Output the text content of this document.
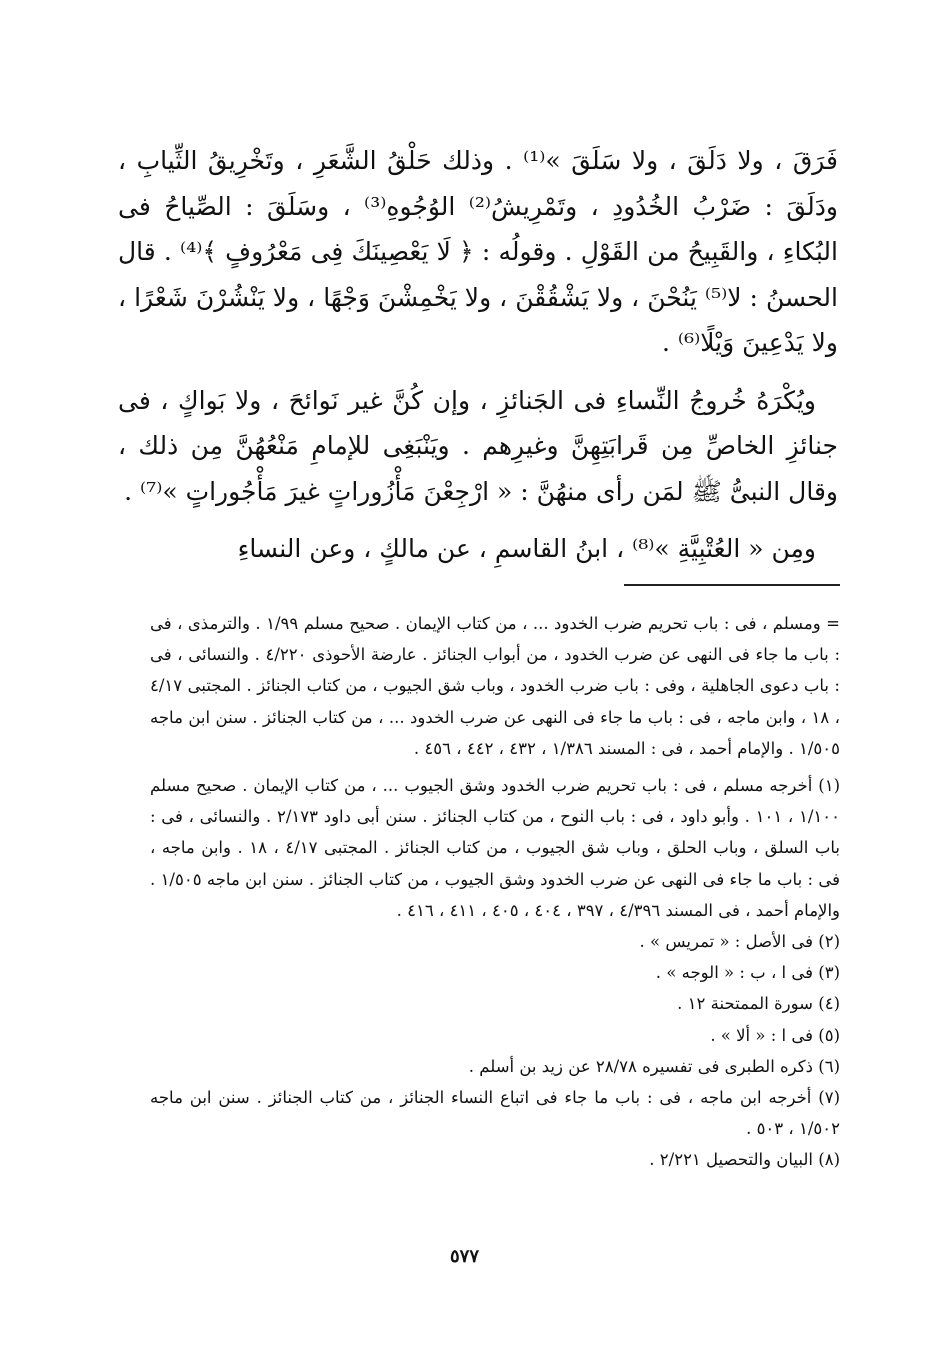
فَرَقَ ، ولا دَلَقَ ، ولا سَلَقَ »⁽¹⁾ . وذلك حَلْقُ الشَّعَرِ ، وتَخْرِيقُ الثِّيابِ ، ودَلَقَ : ضَرْبُ الخُدُودِ ، وتَمْرِيشُ⁽²⁾ الوُجُوهِ⁽³⁾ ، وسَلَقَ : الصِّياحُ فى البُكاءِ ، والقَبِيحُ من القَوْلِ . وقولُه : ﴿ لَا يَعْصِينَكَ فِى مَعْرُوفٍ ﴾⁽⁴⁾ . قال الحسنُ : لا⁽⁵⁾ يَنُحْنَ ، ولا يَشْقُقْنَ ، ولا يَخْمِشْنَ وَجْهًا ، ولا يَنْشُرْنَ شَعْرًا ، ولا يَدْعِينَ وَيْلًا⁽⁶⁾ .

ويُكْرَهُ خُروجُ النِّساءِ فى الجَنائزِ ، وإن كُنَّ غير نَوائحَ ، ولا بَواكٍ ، فى جنائزِ الخاصِّ مِن قَرابَتِهِنَّ وغيرِهم . ويَنْبَغِى للإمامِ مَنْعُهُنَّ مِن ذلك ، وقال النبىُّ ﷺ لمَن رأى منهُنَّ : « ارْجِعْنَ مَأْزُوراتٍ غيرَ مَأْجُوراتٍ »⁽⁷⁾ .

ومِن « العُتْبِيَّةِ »⁽⁸⁾ ، ابنُ القاسمِ ، عن مالكٍ ، وعن النساءِ

= ومسلم ، فى : باب تحريم ضرب الخدود ... ، من كتاب الإيمان . صحيح مسلم ١/٩٩ . والترمذى ، فى : باب ما جاء فى النهى عن ضرب الخدود ، من أبواب الجنائز . عارضة الأحوذى ٤/٢٢٠ . والنسائى ، فى : باب دعوى الجاهلية ، وفى : باب ضرب الخدود ، وباب شق الجيوب ، من كتاب الجنائز . المجتبى ٤/١٧ ، ١٨ ، وابن ماجه ، فى : باب ما جاء فى النهى عن ضرب الخدود ... ، من كتاب الجنائز . سنن ابن ماجه ١/٥٠٥ . والإمام أحمد ، فى : المسند ١/٣٨٦ ، ٤٣٢ ، ٤٤٢ ، ٤٥٦ .

(١) أخرجه مسلم ، فى : باب تحريم ضرب الخدود وشق الجيوب ... ، من كتاب الإيمان . صحيح مسلم ١/١٠٠ ، ١٠١ . وأبو داود ، فى : باب النوح ، من كتاب الجنائز . سنن أبى داود ٢/١٧٣ . والنسائى ، فى : باب السلق ، وباب الحلق ، وباب شق الجيوب ، من كتاب الجنائز . المجتبى ٤/١٧ ، ١٨ . وابن ماجه ، فى : باب ما جاء فى النهى عن ضرب الخدود وشق الجيوب ، من كتاب الجنائز . سنن ابن ماجه ١/٥٠٥ . والإمام أحمد ، فى المسند ٤/٣٩٦ ، ٣٩٧ ، ٤٠٤ ، ٤٠٥ ، ٤١١ ، ٤١٦ .

(٢) فى الأصل : « تمريس » .

(٣) فى ا ، ب : « الوجه » .

(٤) سورة الممتحنة ١٢ .

(٥) فى ا : « ألا » .

(٦) ذكره الطبرى فى تفسيره ٢٨/٧٨ عن زيد بن أسلم .

(٧) أخرجه ابن ماجه ، فى : باب ما جاء فى اتباع النساء الجنائز ، من كتاب الجنائز . سنن ابن ماجه ١/٥٠٢ ، ٥٠٣ .

(٨) البيان والتحصيل ٢/٢٢١ .

٥٧٧
